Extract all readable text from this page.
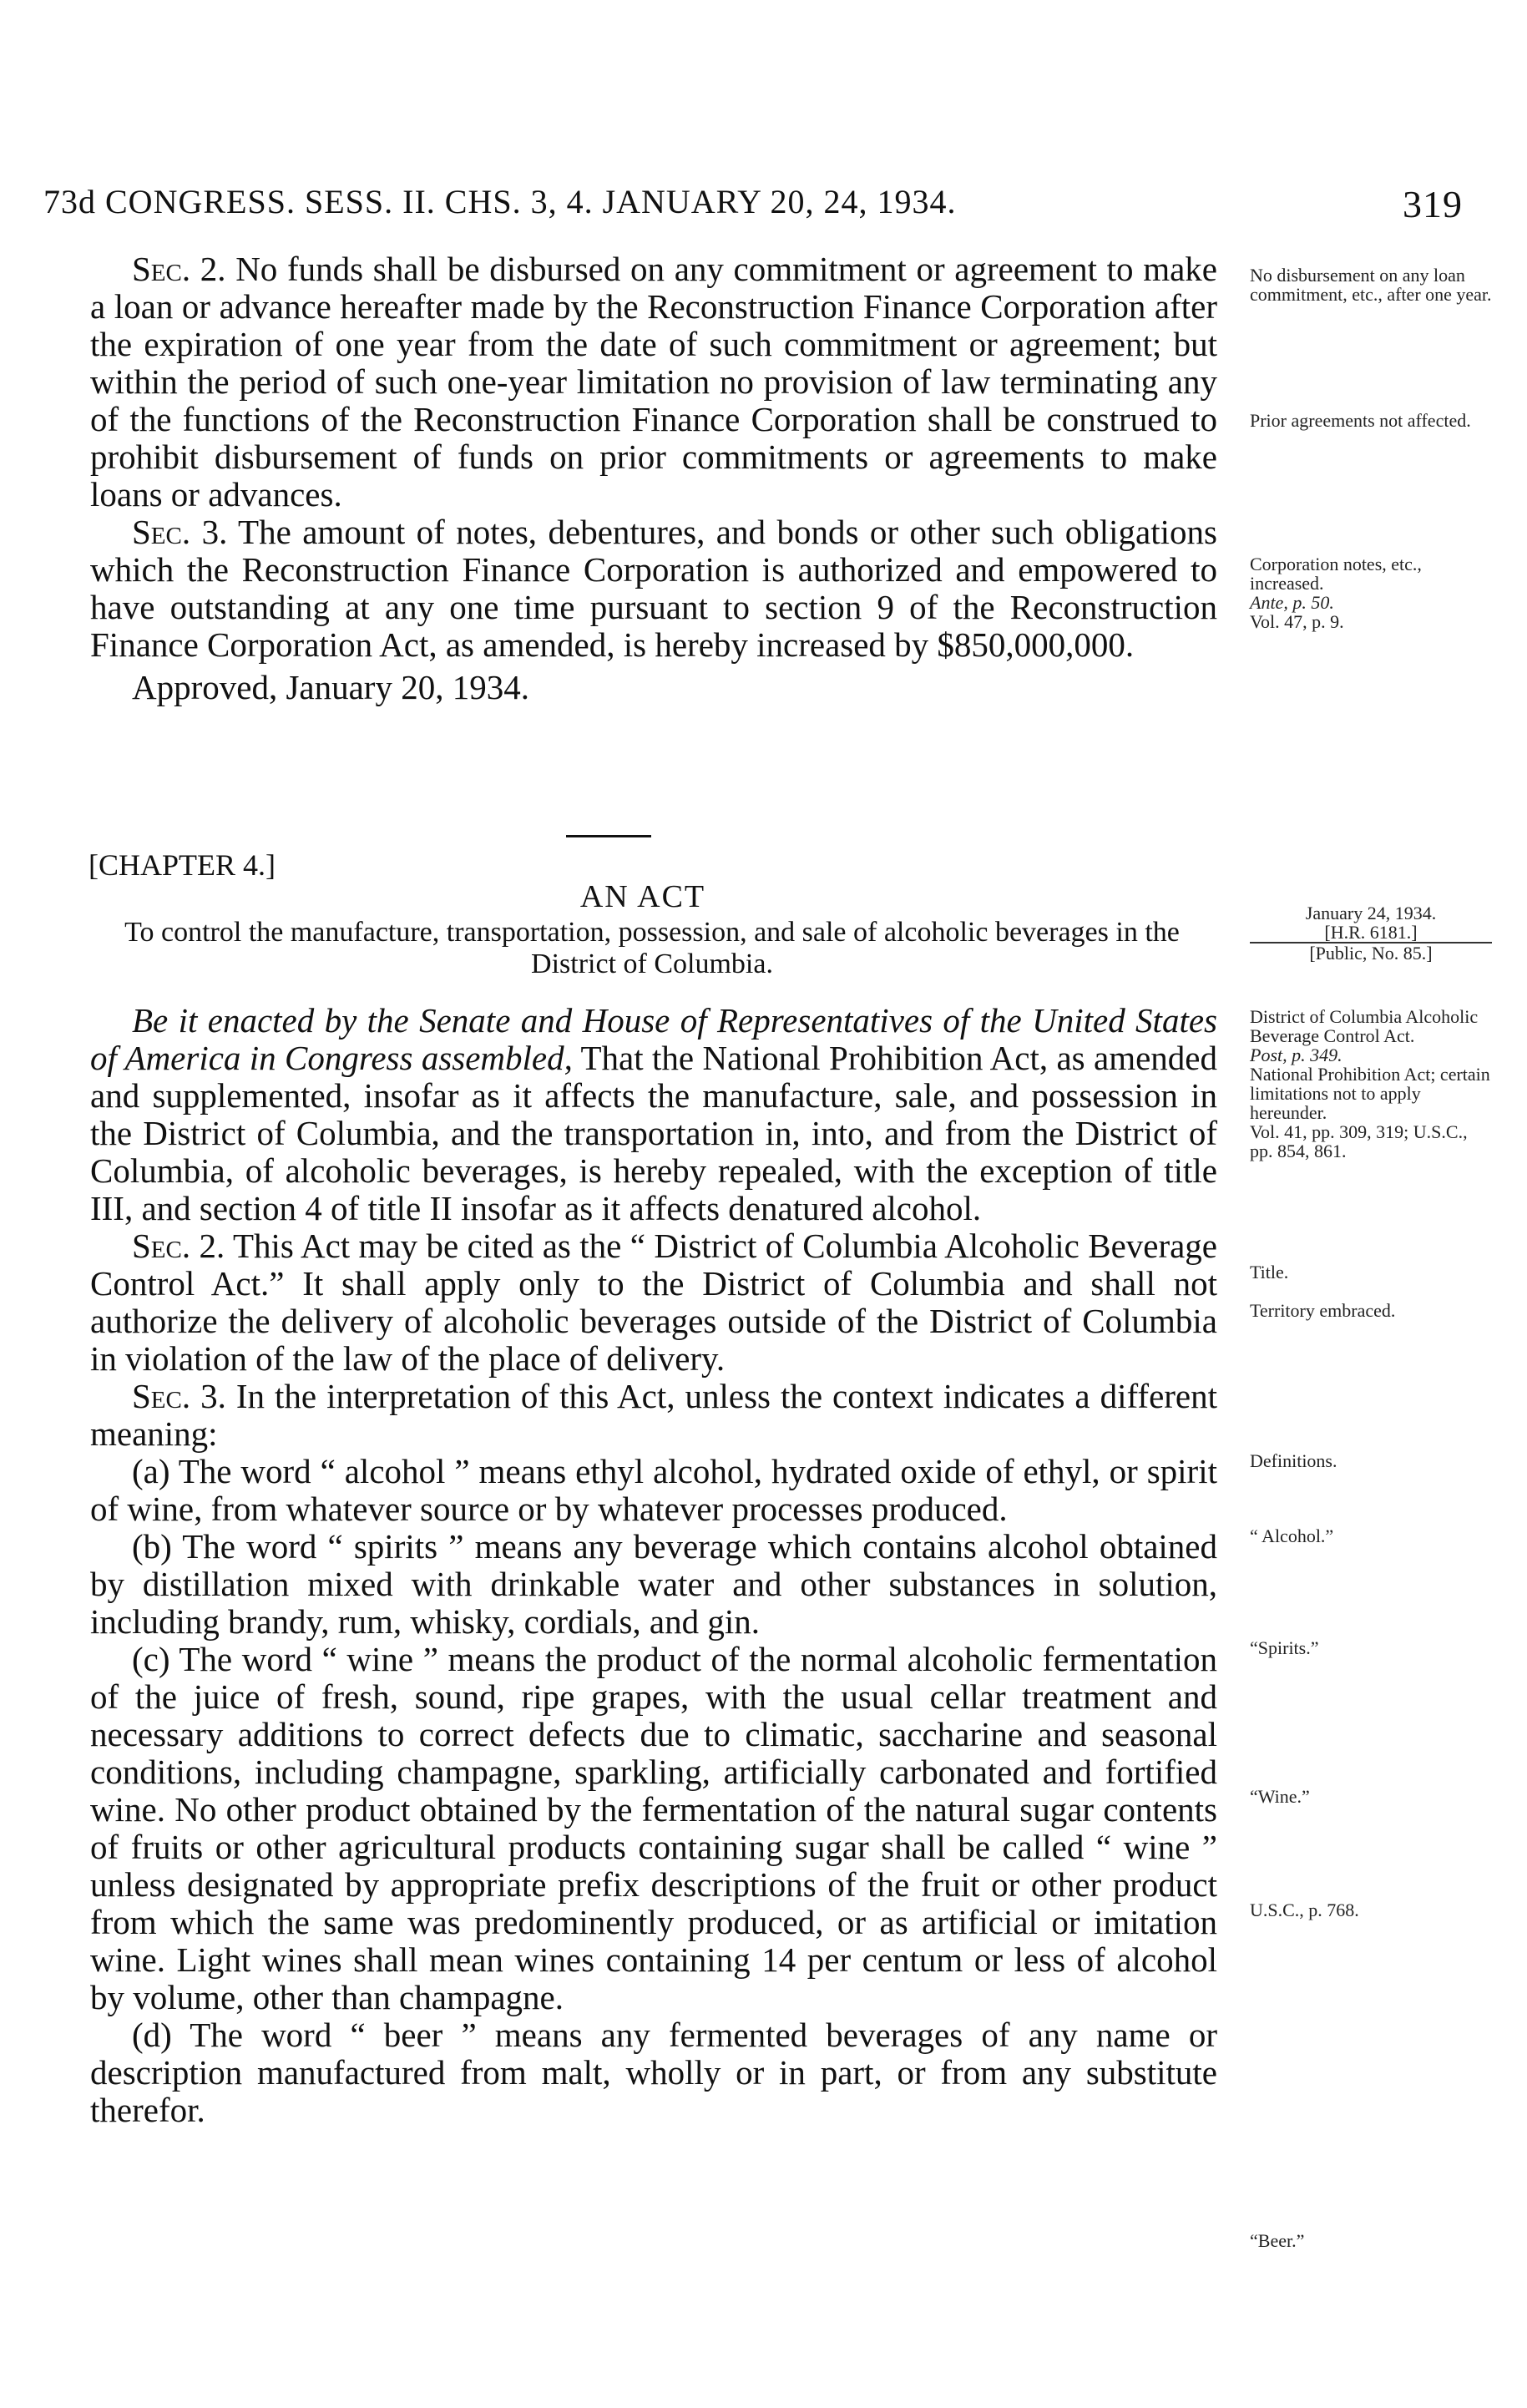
73d CONGRESS. SESS. II. CHS. 3, 4. JANUARY 20, 24, 1934.	319

Sec. 2. No funds shall be disbursed on any commitment or agreement to make a loan or advance hereafter made by the Reconstruction Finance Corporation after the expiration of one year from the date of such commitment or agreement; but within the period of such one-year limitation no provision of law terminating any of the functions of the Reconstruction Finance Corporation shall be construed to prohibit disbursement of funds on prior commitments or agreements to make loans or advances.

Sec. 3. The amount of notes, debentures, and bonds or other such obligations which the Reconstruction Finance Corporation is authorized and empowered to have outstanding at any one time pursuant to section 9 of the Reconstruction Finance Corporation Act, as amended, is hereby increased by $850,000,000.

Approved, January 20, 1934.

[CHAPTER 4.]
AN ACT
To control the manufacture, transportation, possession, and sale of alcoholic beverages in the District of Columbia.

Be it enacted by the Senate and House of Representatives of the United States of America in Congress assembled, That the National Prohibition Act, as amended and supplemented, insofar as it affects the manufacture, sale, and possession in the District of Columbia, and the transportation in, into, and from the District of Columbia, of alcoholic beverages, is hereby repealed, with the exception of title III, and section 4 of title II insofar as it affects denatured alcohol.

Sec. 2. This Act may be cited as the “ District of Columbia Alcoholic Beverage Control Act.” It shall apply only to the District of Columbia and shall not authorize the delivery of alcoholic beverages outside of the District of Columbia in violation of the law of the place of delivery.

Sec. 3. In the interpretation of this Act, unless the context indicates a different meaning:

(a) The word “ alcohol ” means ethyl alcohol, hydrated oxide of ethyl, or spirit of wine, from whatever source or by whatever processes produced.

(b) The word “ spirits ” means any beverage which contains alcohol obtained by distillation mixed with drinkable water and other substances in solution, including brandy, rum, whisky, cordials, and gin.

(c) The word “ wine ” means the product of the normal alcoholic fermentation of the juice of fresh, sound, ripe grapes, with the usual cellar treatment and necessary additions to correct defects due to climatic, saccharine and seasonal conditions, including champagne, sparkling, artificially carbonated and fortified wine. No other product obtained by the fermentation of the natural sugar contents of fruits or other agricultural products containing sugar shall be called “ wine ” unless designated by appropriate prefix descriptions of the fruit or other product from which the same was predominently produced, or as artificial or imitation wine. Light wines shall mean wines containing 14 per centum or less of alcohol by volume, other than champagne.

(d) The word “ beer ” means any fermented beverages of any name or description manufactured from malt, wholly or in part, or from any substitute therefor.

No disbursement on any loan commitment, etc., after one year.
Prior agreements not affected.
Corporation notes, etc., increased.
Ante, p. 50.
Vol. 47, p. 9.
January 24, 1934.
[H.R. 6181.]
[Public, No. 85.]
District of Columbia Alcoholic Beverage Control Act.
Post, p. 349.
National Prohibition Act; certain limitations not to apply hereunder.
Vol. 41, pp. 309, 319; U.S.C., pp. 854, 861.
Title.
Territory embraced.
Definitions.
“ Alcohol.”
“Spirits.”
“Wine.”
U.S.C., p. 768.
“Beer.”
